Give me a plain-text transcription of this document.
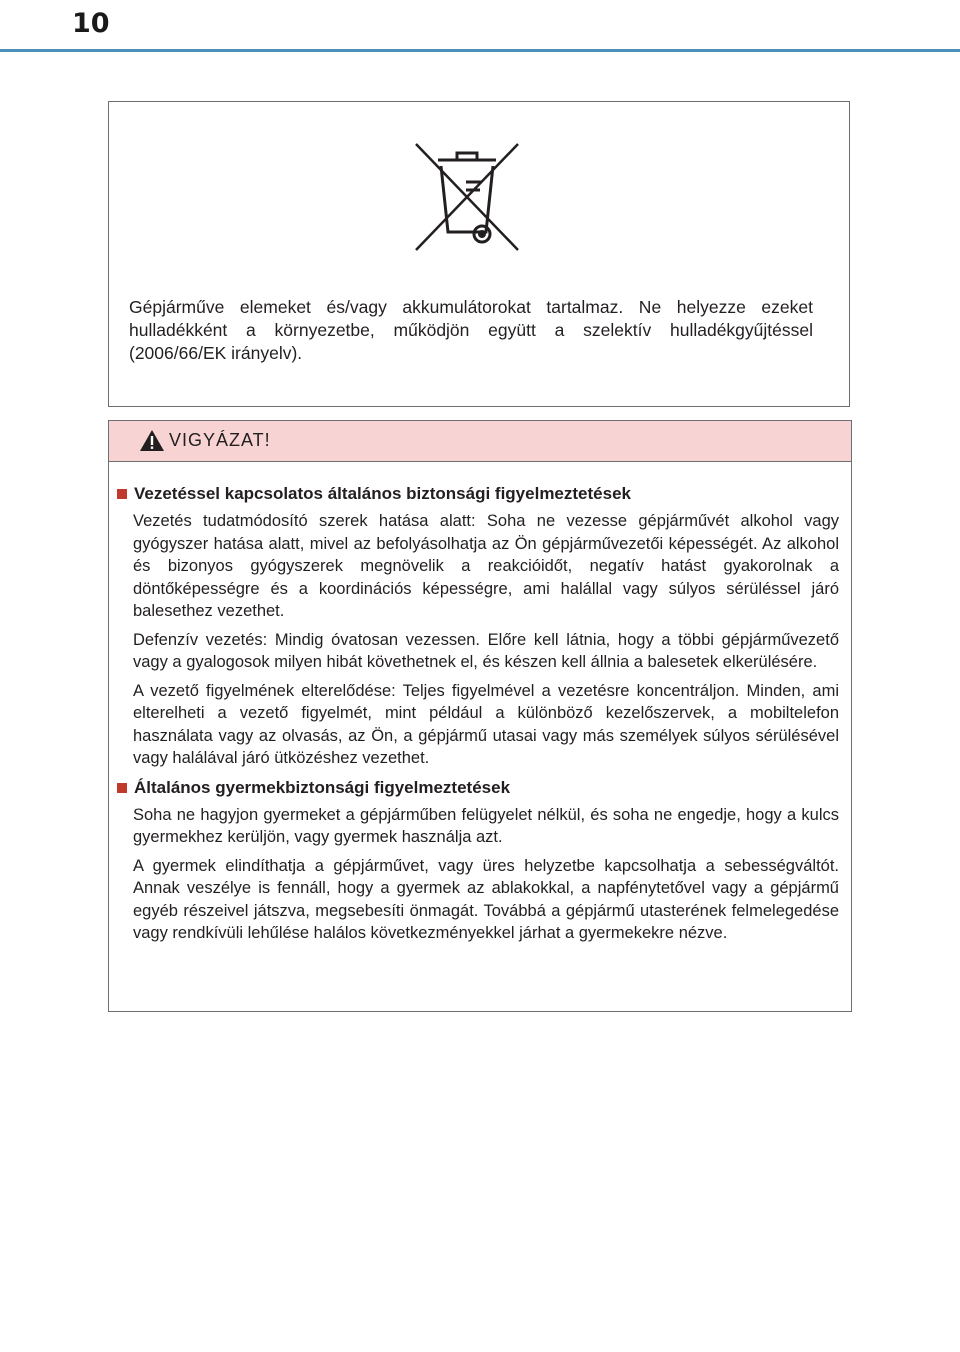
10
Gépjárműve elemeket és/vagy akkumulátorokat tartalmaz. Ne helyezze ezeket hulladékként a környezetbe, működjön együtt a szelektív hulladékgyűjtéssel (2006/66/EK irányelv).
VIGYÁZAT!
Vezetéssel kapcsolatos általános biztonsági figyelmeztetések

Vezetés tudatmódosító szerek hatása alatt: Soha ne vezesse gépjárművét alkohol vagy gyógyszer hatása alatt, mivel az befolyásolhatja az Ön gépjárművezetői képességét. Az alkohol és bizonyos gyógyszerek megnövelik a reakcióidőt, negatív hatást gyakorolnak a döntőképességre és a koordinációs képességre, ami halállal vagy súlyos sérüléssel járó balesethez vezethet.

Defenzív vezetés: Mindig óvatosan vezessen. Előre kell látnia, hogy a többi gépjárművezető vagy a gyalogosok milyen hibát követhetnek el, és készen kell állnia a balesetek elkerülésére.

A vezető figyelmének elterelődése: Teljes figyelmével a vezetésre koncentráljon. Minden, ami elterelheti a vezető figyelmét, mint például a különböző kezelőszervek, a mobiltelefon használata vagy az olvasás, az Ön, a gépjármű utasai vagy más személyek súlyos sérülésével vagy halálával járó ütközéshez vezethet.

Általános gyermekbiztonsági figyelmeztetések

Soha ne hagyjon gyermeket a gépjárműben felügyelet nélkül, és soha ne engedje, hogy a kulcs gyermekhez kerüljön, vagy gyermek használja azt.

A gyermek elindíthatja a gépjárművet, vagy üres helyzetbe kapcsolhatja a sebességváltót. Annak veszélye is fennáll, hogy a gyermek az ablakokkal, a napfénytetővel vagy a gépjármű egyéb részeivel játszva, megsebesíti önmagát. Továbbá a gépjármű utasterének felmelegedése vagy rendkívüli lehűlése halálos következményekkel járhat a gyermekekre nézve.
